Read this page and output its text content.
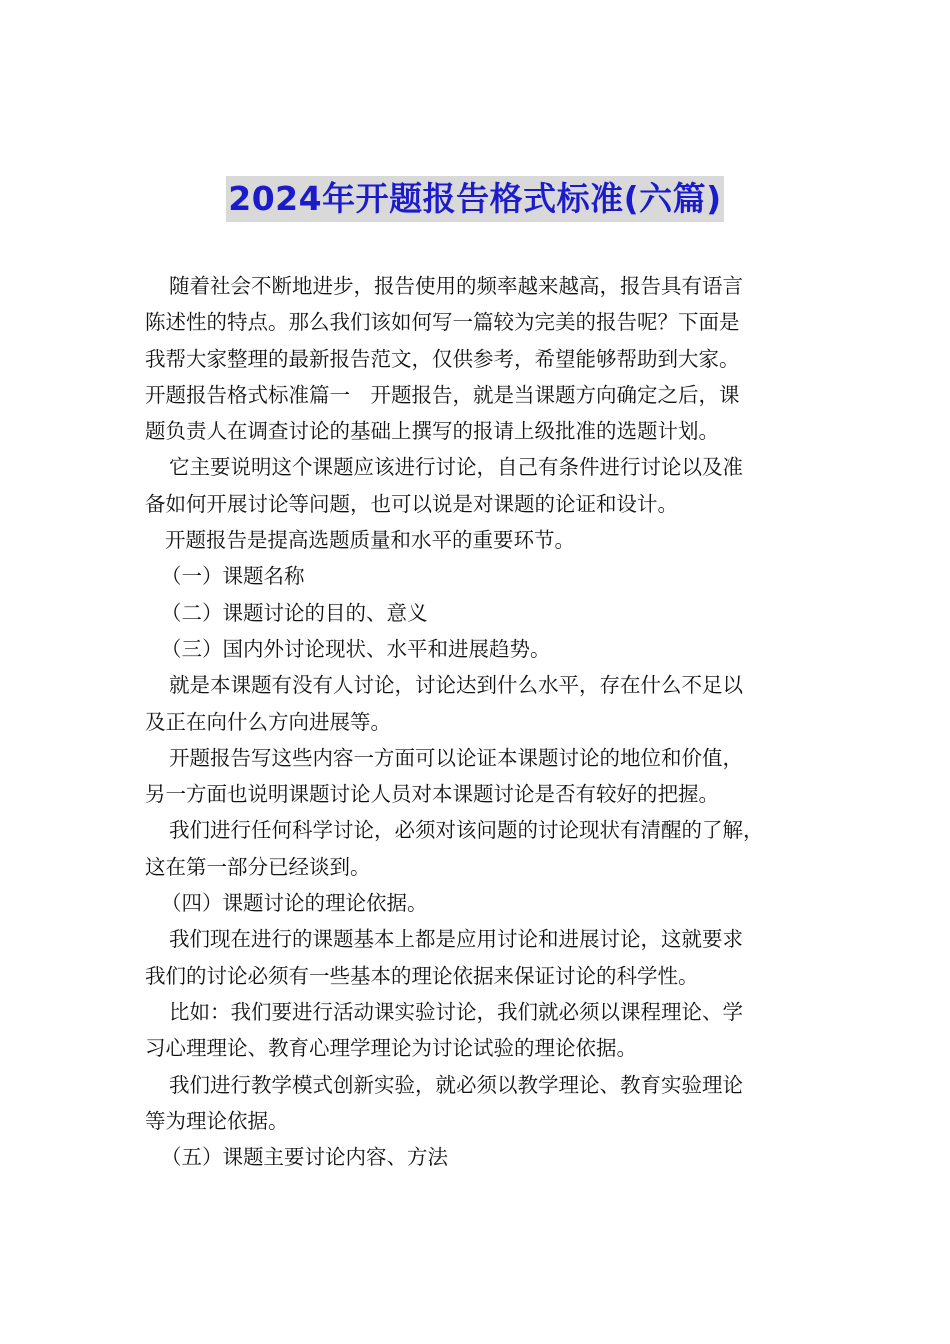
2024年开题报告格式标准(六篇)
随着社会不断地进步，报告使用的频率越来越高，报告具有语言
陈述性的特点。那么我们该如何写一篇较为完美的报告呢？下面是
我帮大家整理的最新报告范文，仅供参考，希望能够帮助到大家。
开题报告格式标准篇一　开题报告，就是当课题方向确定之后，课
题负责人在调查讨论的基础上撰写的报请上级批准的选题计划。
它主要说明这个课题应该进行讨论，自己有条件进行讨论以及准
备如何开展讨论等问题，也可以说是对课题的论证和设计。
开题报告是提高选题质量和水平的重要环节。
（一）课题名称
（二）课题讨论的目的、意义
（三）国内外讨论现状、水平和进展趋势。
就是本课题有没有人讨论，讨论达到什么水平，存在什么不足以
及正在向什么方向进展等。
开题报告写这些内容一方面可以论证本课题讨论的地位和价值，
另一方面也说明课题讨论人员对本课题讨论是否有较好的把握。
我们进行任何科学讨论，必须对该问题的讨论现状有清醒的了解，
这在第一部分已经谈到。
（四）课题讨论的理论依据。
我们现在进行的课题基本上都是应用讨论和进展讨论，这就要求
我们的讨论必须有一些基本的理论依据来保证讨论的科学性。
比如：我们要进行活动课实验讨论，我们就必须以课程理论、学
习心理理论、教育心理学理论为讨论试验的理论依据。
我们进行教学模式创新实验，就必须以教学理论、教育实验理论
等为理论依据。
（五）课题主要讨论内容、方法
